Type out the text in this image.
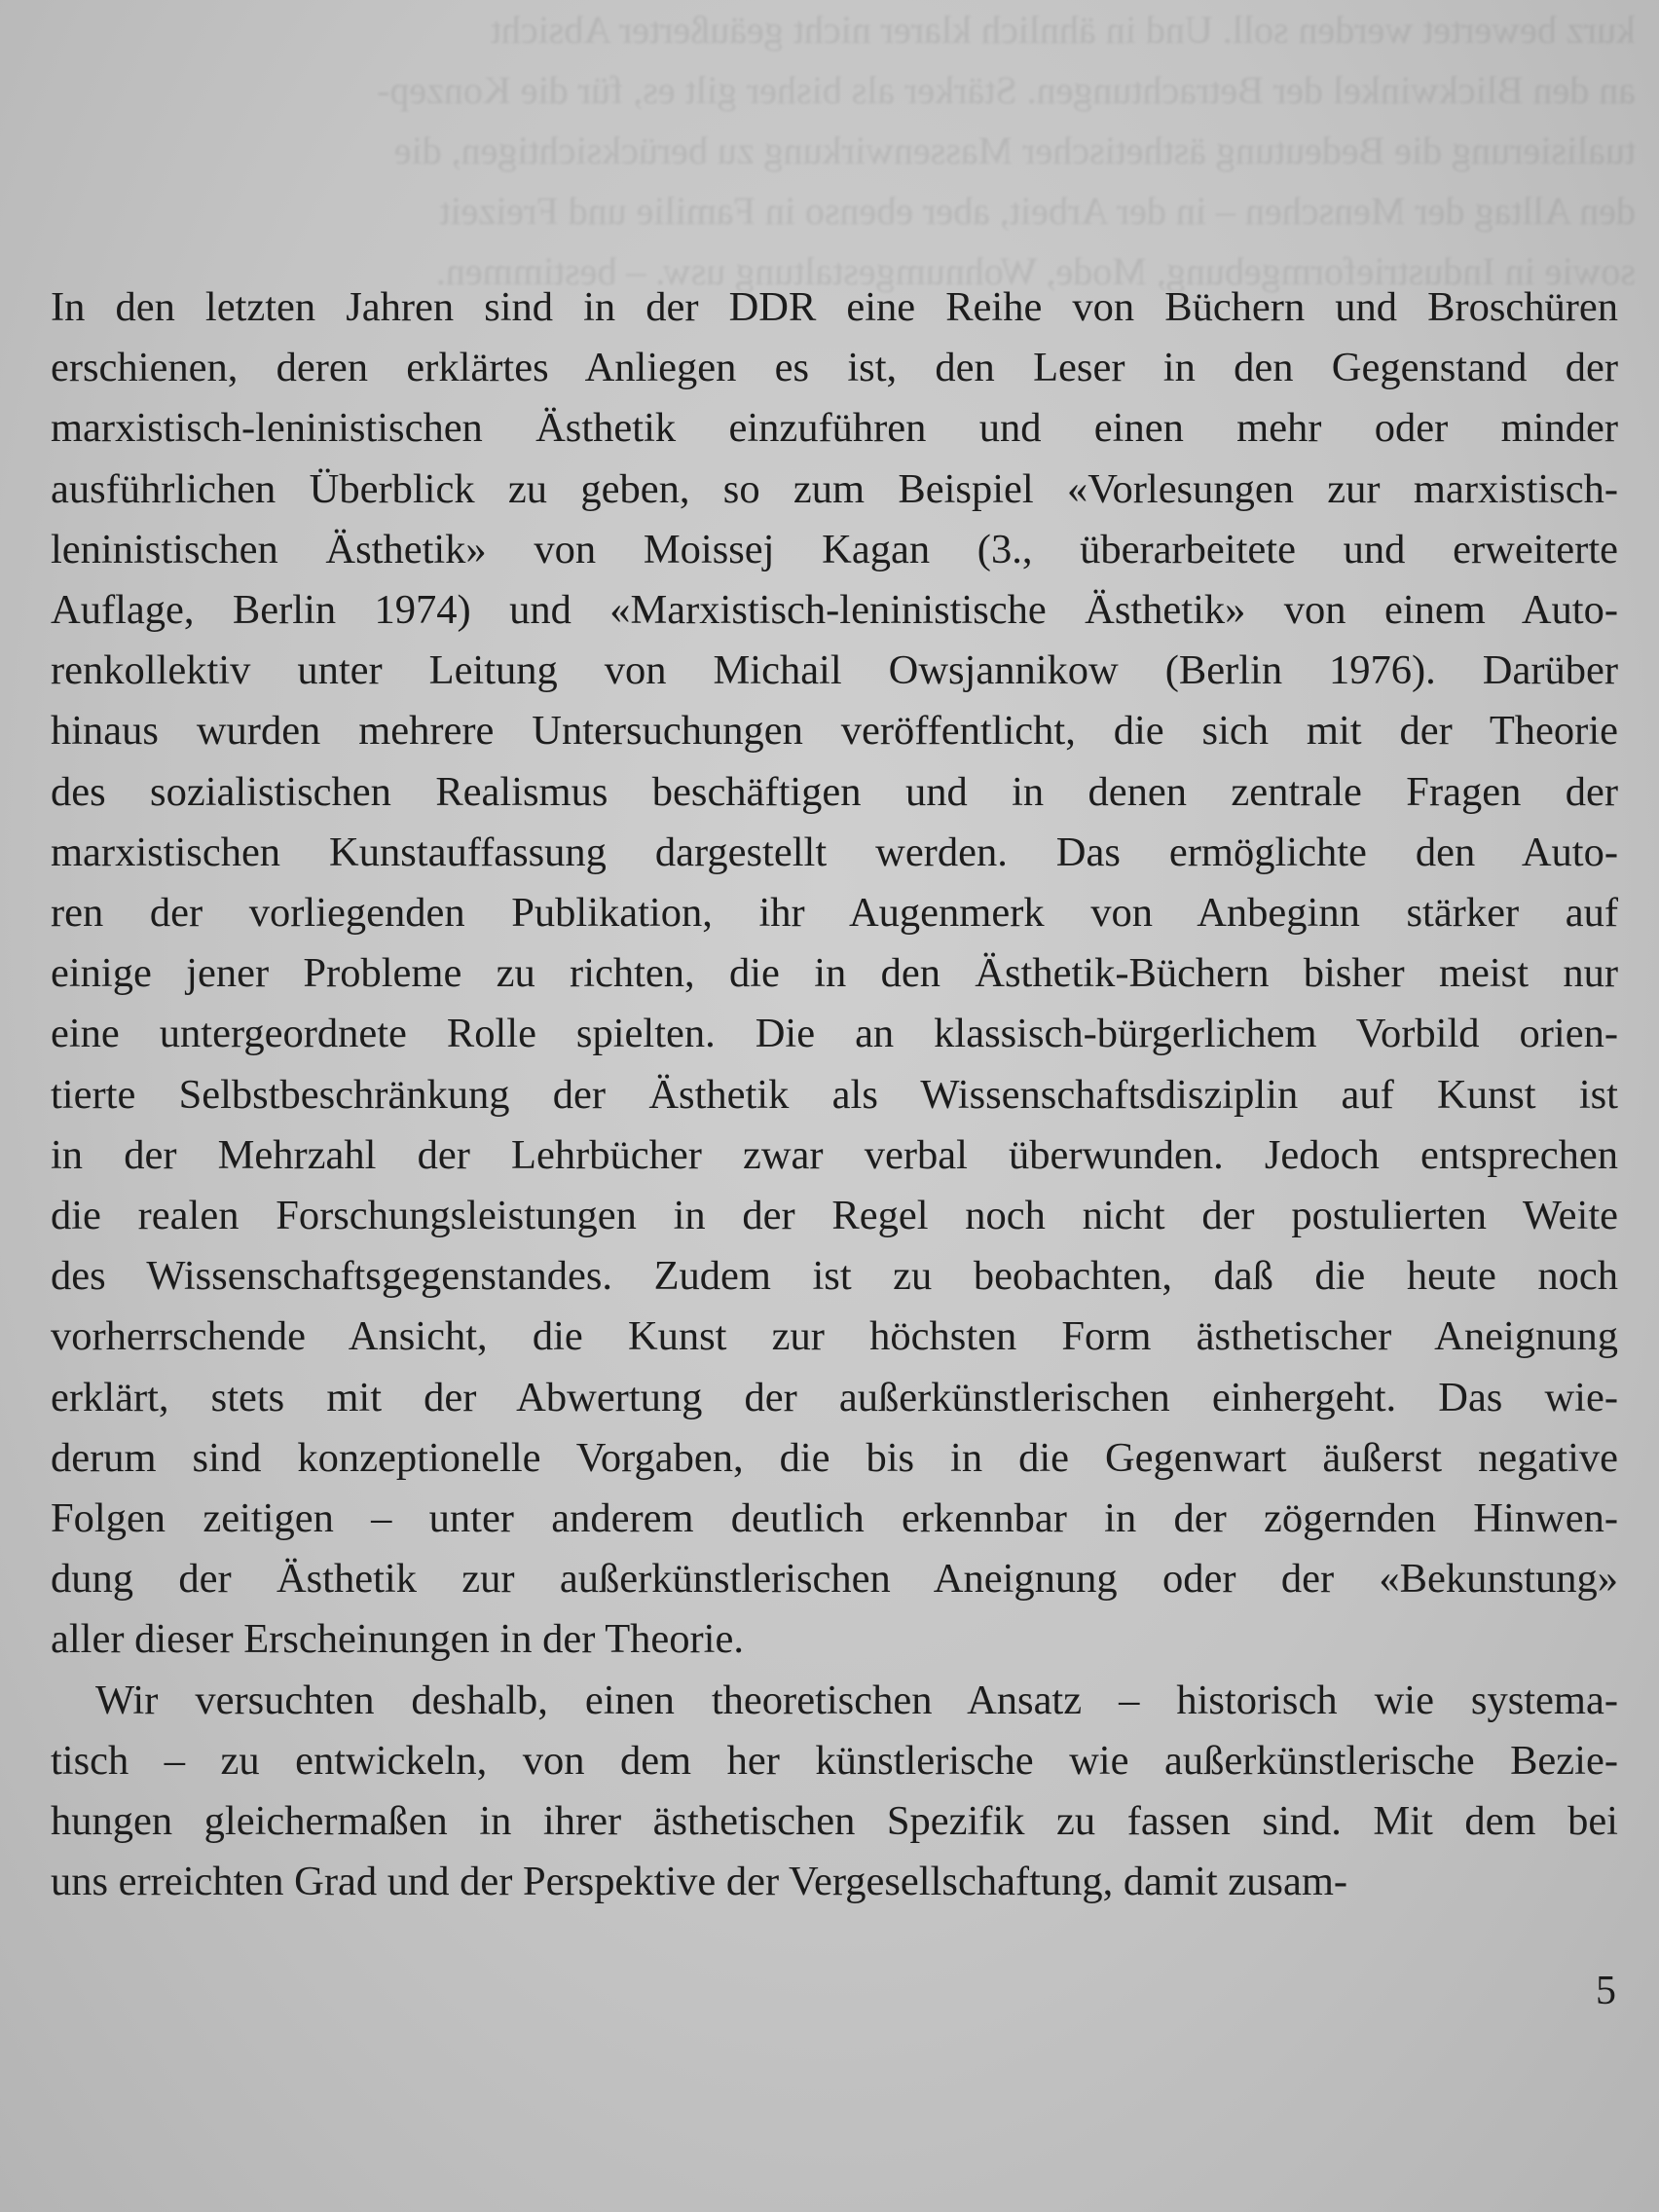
kurz bewertet werden soll. Und in ähnlich klarer nicht geäußerter Absicht

an den Blickwinkel der Betrachtungen. Stärker als bisher gilt es, für die Konzep-

tualisierung die Bedeutung ästhetischer Massenwirkung zu berücksichtigen, die

den Alltag der Menschen – in der Arbeit, aber ebenso in Familie und Freizeit

sowie in Industrieformgebung, Mode, Wohnumgestaltung usw. – bestimmen.

In den letzten Jahren sind in der DDR eine Reihe von Büchern und Broschüren
erschienen, deren erklärtes Anliegen es ist, den Leser in den Gegenstand der
marxistisch-leninistischen Ästhetik einzuführen und einen mehr oder minder
ausführlichen Überblick zu geben, so zum Beispiel «Vorlesungen zur marxistisch-
leninistischen Ästhetik» von Moissej Kagan (3., überarbeitete und erweiterte
Auflage, Berlin 1974) und «Marxistisch-leninistische Ästhetik» von einem Auto-
renkollektiv unter Leitung von Michail Owsjannikow (Berlin 1976). Darüber
hinaus wurden mehrere Untersuchungen veröffentlicht, die sich mit der Theorie
des sozialistischen Realismus beschäftigen und in denen zentrale Fragen der
marxistischen Kunstauffassung dargestellt werden. Das ermöglichte den Auto-
ren der vorliegenden Publikation, ihr Augenmerk von Anbeginn stärker auf
einige jener Probleme zu richten, die in den Ästhetik-Büchern bisher meist nur
eine untergeordnete Rolle spielten. Die an klassisch-bürgerlichem Vorbild orien-
tierte Selbstbeschränkung der Ästhetik als Wissenschaftsdisziplin auf Kunst ist
in der Mehrzahl der Lehrbücher zwar verbal überwunden. Jedoch entsprechen
die realen Forschungsleistungen in der Regel noch nicht der postulierten Weite
des Wissenschaftsgegenstandes. Zudem ist zu beobachten, daß die heute noch
vorherrschende Ansicht, die Kunst zur höchsten Form ästhetischer Aneignung
erklärt, stets mit der Abwertung der außerkünstlerischen einhergeht. Das wie-
derum sind konzeptionelle Vorgaben, die bis in die Gegenwart äußerst negative
Folgen zeitigen – unter anderem deutlich erkennbar in der zögernden Hinwen-
dung der Ästhetik zur außerkünstlerischen Aneignung oder der «Bekunstung»
aller dieser Erscheinungen in der Theorie.
Wir versuchten deshalb, einen theoretischen Ansatz – historisch wie systema-
tisch – zu entwickeln, von dem her künstlerische wie außerkünstlerische Bezie-
hungen gleichermaßen in ihrer ästhetischen Spezifik zu fassen sind. Mit dem bei
uns erreichten Grad und der Perspektive der Vergesellschaftung, damit zusam-
5
